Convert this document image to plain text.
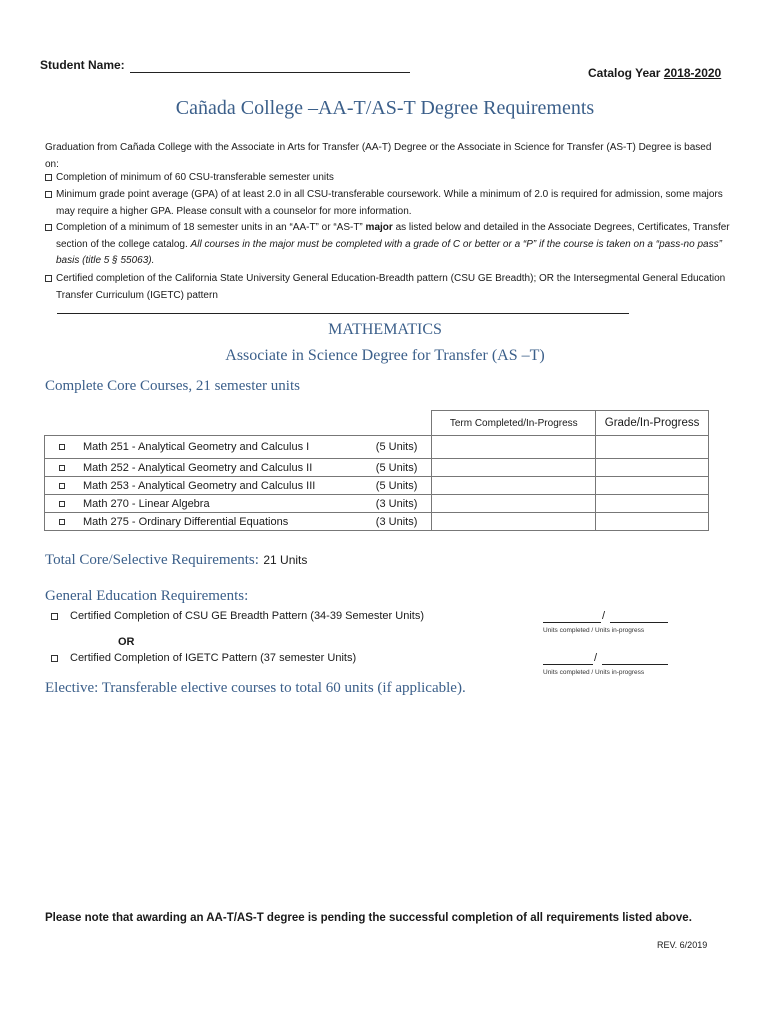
Student Name:
Catalog Year 2018-2020
Cañada College –AA-T/AS-T Degree Requirements
Graduation from Cañada College with the Associate in Arts for Transfer (AA-T) Degree or the Associate in Science for Transfer (AS-T) Degree is based on:
Completion of minimum of 60 CSU-transferable semester units
Minimum grade point average (GPA) of at least 2.0 in all CSU-transferable coursework. While a minimum of 2.0 is required for admission, some majors may require a higher GPA. Please consult with a counselor for more information.
Completion of a minimum of 18 semester units in an “AA-T” or “AS-T” major as listed below and detailed in the Associate Degrees, Certificates, Transfer section of the college catalog. All courses in the major must be completed with a grade of C or better or a “P” if the course is taken on a “pass-no pass” basis (title 5 § 55063).
Certified completion of the California State University General Education-Breadth pattern (CSU GE Breadth); OR the Intersegmental General Education Transfer Curriculum (IGETC) pattern
MATHEMATICS
Associate in Science Degree for Transfer (AS –T)
Complete Core Courses, 21 semester units
	Term Completed/In-Progress	Grade/In-Progress

Math 251 - Analytical Geometry and Calculus I (5 Units)		

Math 252 - Analytical Geometry and Calculus II (5 Units)		

Math 253 - Analytical Geometry and Calculus III (5 Units)		

Math 270 - Linear Algebra (3 Units)		

Math 275 - Ordinary Differential Equations (3 Units)		

Total Core/Selective Requirements: 21 Units
General Education Requirements:
Certified Completion of CSU GE Breadth Pattern (34-39 Semester Units)	/
Units completed / Units in-progress
OR
Certified Completion of IGETC Pattern (37 semester Units)	/
Units completed / Units in-progress
Elective: Transferable elective courses to total 60 units (if applicable).
Please note that awarding an AA-T/AS-T degree is pending the successful completion of all requirements listed above.
REV. 6/2019
